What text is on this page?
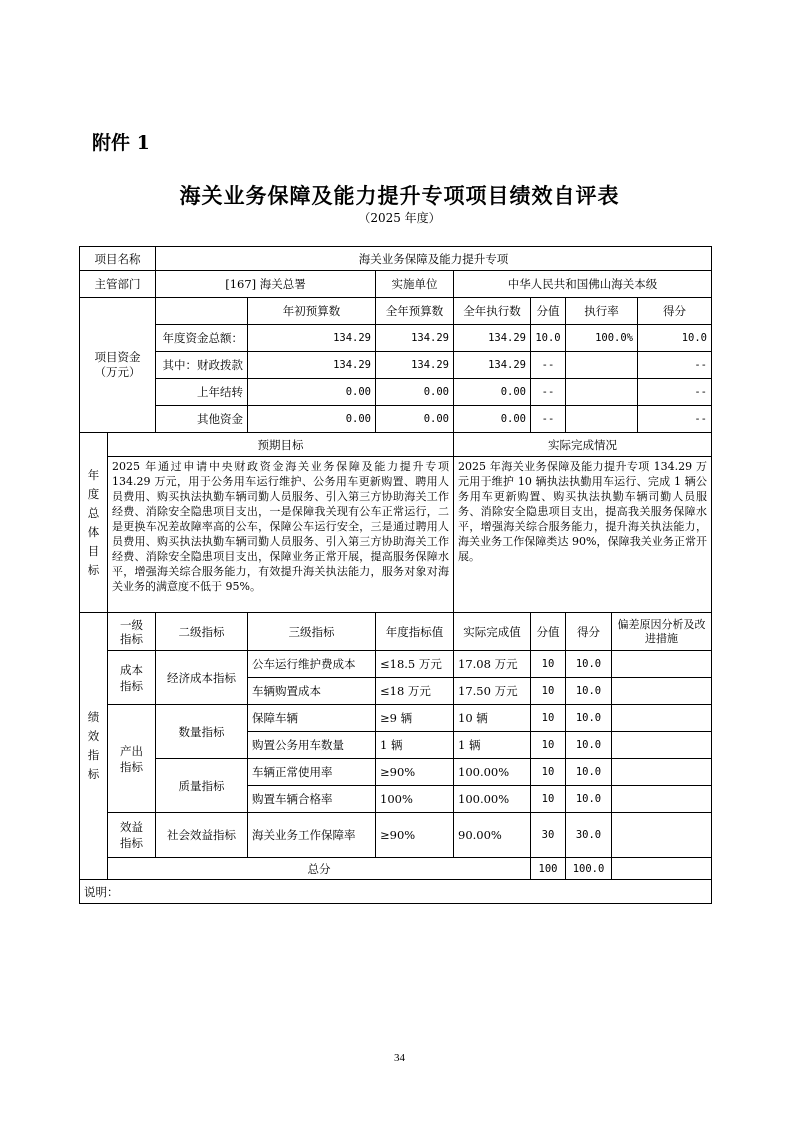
附件 1
海关业务保障及能力提升专项项目绩效自评表
（2025 年度）
项目名称		海关业务保障及能力提升专项							
主管部门		[167] 海关总署		实施单位	中华人民共和国佛山海关本级				
项目资金（万元）			年初预算数	全年预算数	全年执行数	分值	执行率		得分
		年度资金总额：	134.29	134.29	134.29	10.0	100.0%		10.0
		其中：财政拨款	134.29	134.29	134.29	--			--
		上年结转	0.00	0.00	0.00	--			--
		其他资金	0.00	0.00	0.00	--			--
年度总体目标	预期目标				实际完成情况				
	2025 年通过申请中央财政资金海关业务保障及能力提升专项 134.29 万元，用于公务用车运行维护、公务用车更新购置、聘用人员费用、购买执法执勤车辆司勤人员服务、引入第三方协助海关工作经费、消除安全隐患项目支出，一是保障我关现有公车正常运行，二是更换车况差故障率高的公车，保障公车运行安全，三是通过聘用人员费用、购买执法执勤车辆司勤人员服务、引入第三方协助海关工作经费、消除安全隐患项目支出，保障业务正常开展，提高服务保障水平，增强海关综合服务能力，有效提升海关执法能力，服务对象对海关业务的满意度不低于 95%。				2025 年海关业务保障及能力提升专项 134.29 万元用于维护 10 辆执法执勤用车运行、完成 1 辆公务用车更新购置、购买执法执勤车辆司勤人员服务、消除安全隐患项目支出，提高我关服务保障水平，增强海关综合服务能力，提升海关执法能力，海关业务工作保障类达 90%，保障我关业务正常开展。				
绩效指标	一级指标	二级指标	三级指标	年度指标值	实际完成值	分值	得分	偏差原因分析及改进措施	
	成本指标	经济成本指标	公车运行维护费成本	≤18.5 万元	17.08 万元	10	10.0		
			车辆购置成本	≤18 万元	17.50 万元	10	10.0		
	产出指标	数量指标	保障车辆	≥9 辆	10 辆	10	10.0		
			购置公务用车数量	1 辆	1 辆	10	10.0		
		质量指标	车辆正常使用率	≥90%	100.00%	10	10.0		
			购置车辆合格率	100%	100.00%	10	10.0		
	效益指标	社会效益指标	海关业务工作保障率	≥90%	90.00%	30	30.0		
	总分					100	100.0		
说明：									
34
